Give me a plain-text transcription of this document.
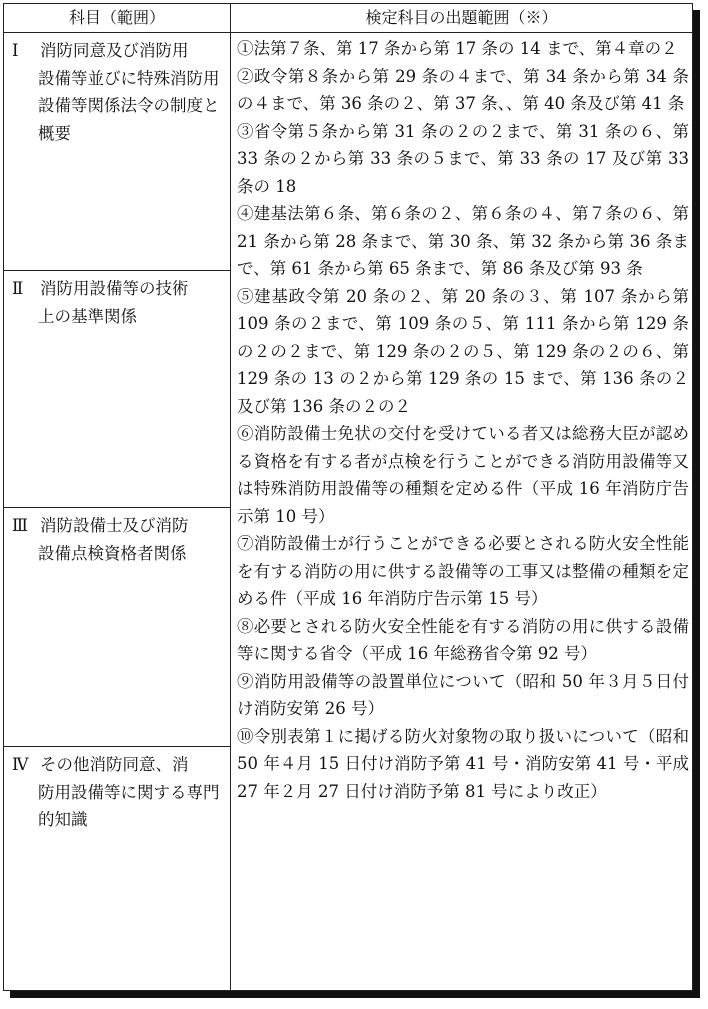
科目（範囲）	検定科目の出題範囲（※）
Ⅰ 消防同意及び消防用
設備等並びに特殊消防用設備等関係法令の制度と概要
Ⅱ 消防用設備等の技術
上の基準関係
Ⅲ 消防設備士及び消防
設備点検資格者関係
Ⅳ その他消防同意、消
防用設備等に関する専門的知識

①法第７条、第 17 条から第 17 条の 14 まで、第４章の２

②政令第８条から第 29 条の４まで、第 34 条から第 34 条の４まで、第 36 条の２、第 37 条、、第 40 条及び第 41 条

③省令第５条から第 31 条の２の２まで、第 31 条の６、第 33 条の２から第 33 条の５まで、第 33 条の 17 及び第 33 条の 18

④建基法第６条、第６条の２、第６条の４、第７条の６、第 21 条から第 28 条まで、第 30 条、第 32 条から第 36 条まで、第 61 条から第 65 条まで、第 86 条及び第 93 条

⑤建基政令第 20 条の２、第 20 条の３、第 107 条から第 109 条の２まで、第 109 条の５、第 111 条から第 129 条の２の２まで、第 129 条の２の５、第 129 条の２の６、第 129 条の 13 の２から第 129 条の 15 まで、第 136 条の２及び第 136 条の２の２

⑥消防設備士免状の交付を受けている者又は総務大臣が認める資格を有する者が点検を行うことができる消防用設備等又は特殊消防用設備等の種類を定める件（平成 16 年消防庁告示第 10 号）

⑦消防設備士が行うことができる必要とされる防火安全性能を有する消防の用に供する設備等の工事又は整備の種類を定める件（平成 16 年消防庁告示第 15 号）

⑧必要とされる防火安全性能を有する消防の用に供する設備等に関する省令（平成 16 年総務省令第 92 号）

⑨消防用設備等の設置単位について（昭和 50 年３月５日付け消防安第 26 号）

⑩令別表第１に掲げる防火対象物の取り扱いについて（昭和 50 年４月 15 日付け消防予第 41 号・消防安第 41 号・平成 27 年２月 27 日付け消防予第 81 号により改正）
